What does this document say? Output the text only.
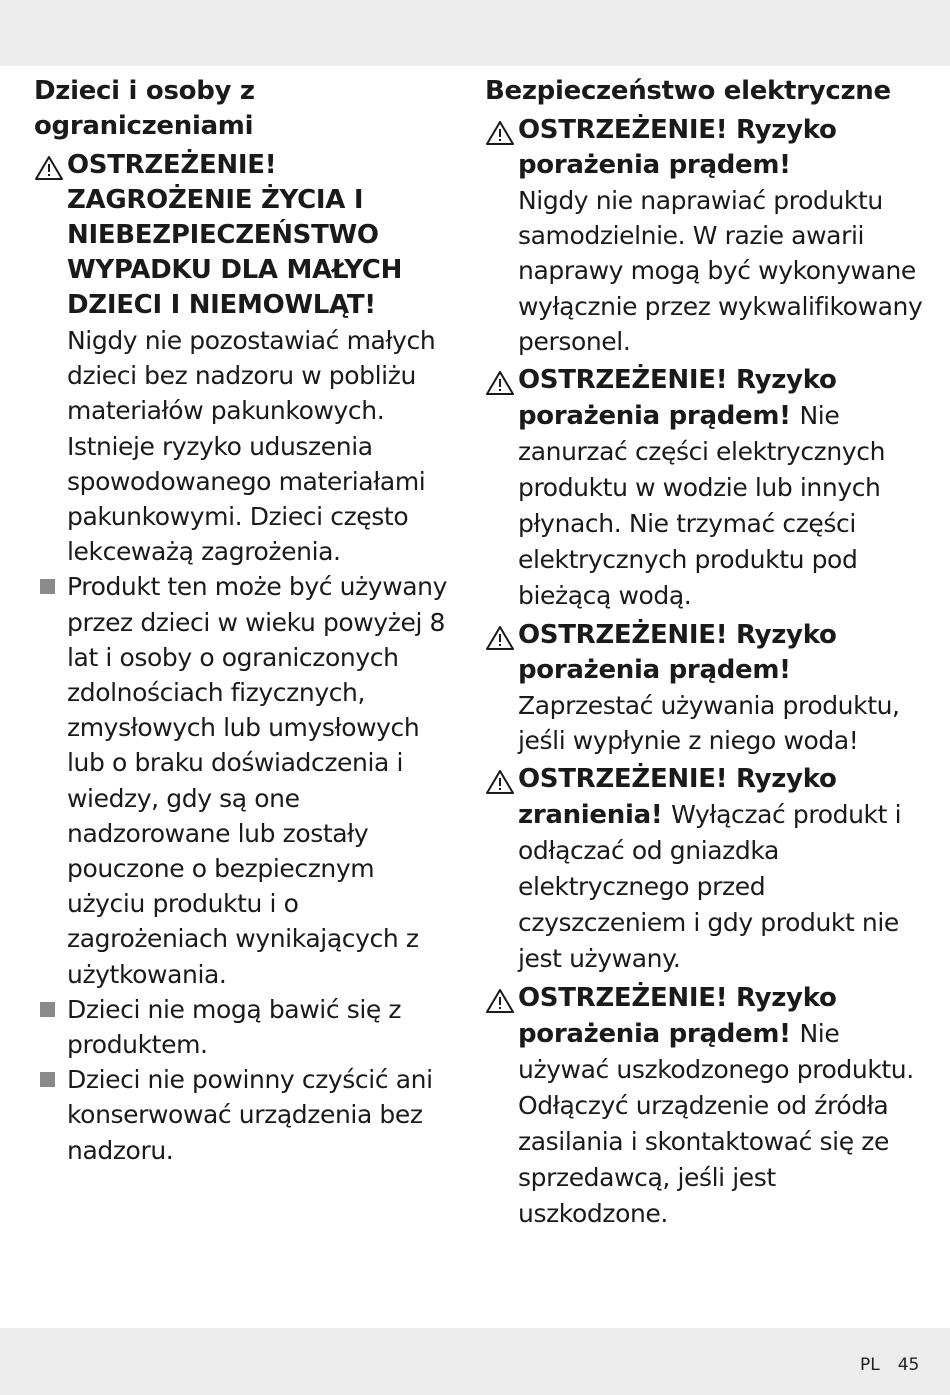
Dzieci i osoby z ograniczeniami
OSTRZEŻENIE! ZAGROŻENIE ŻYCIA I NIEBEZPIECZEŃSTWO WYPADKU DLA MAŁYCH DZIECI I NIEMOWLĄT!
Nigdy nie pozostawiać małych dzieci bez nadzoru w pobliżu materiałów pakunkowych. Istnieje ryzyko uduszenia spowodowanego materiałami pakunkowymi. Dzieci często lekceważą zagrożenia.
Produkt ten może być używany przez dzieci w wieku powyżej 8 lat i osoby o ograniczonych zdolnościach fizycznych, zmysłowych lub umysłowych lub o braku doświadczenia i wiedzy, gdy są one nadzorowane lub zostały pouczone o bezpiecznym użyciu produktu i o zagrożeniach wynikających z użytkowania.
Dzieci nie mogą bawić się z produktem.
Dzieci nie powinny czyścić ani konserwować urządzenia bez nadzoru.
Bezpieczeństwo elektryczne
OSTRZEŻENIE! Ryzyko porażenia prądem!
Nigdy nie naprawiać produktu samodzielnie. W razie awarii naprawy mogą być wykonywane wyłącznie przez wykwalifikowany personel.
OSTRZEŻENIE! Ryzyko porażenia prądem! Nie zanurzać części elektrycznych produktu w wodzie lub innych płynach. Nie trzymać części elektrycznych produktu pod bieżącą wodą.
OSTRZEŻENIE! Ryzyko porażenia prądem!
Zaprzestać używania produktu, jeśli wypłynie z niego woda!
OSTRZEŻENIE! Ryzyko zranienia! Wyłączać produkt i odłączać od gniazdka elektrycznego przed czyszczeniem i gdy produkt nie jest używany.
OSTRZEŻENIE! Ryzyko porażenia prądem! Nie używać uszkodzonego produktu. Odłączyć urządzenie od źródła zasilania i skontaktować się ze sprzedawcą, jeśli jest uszkodzone.
PL 45
